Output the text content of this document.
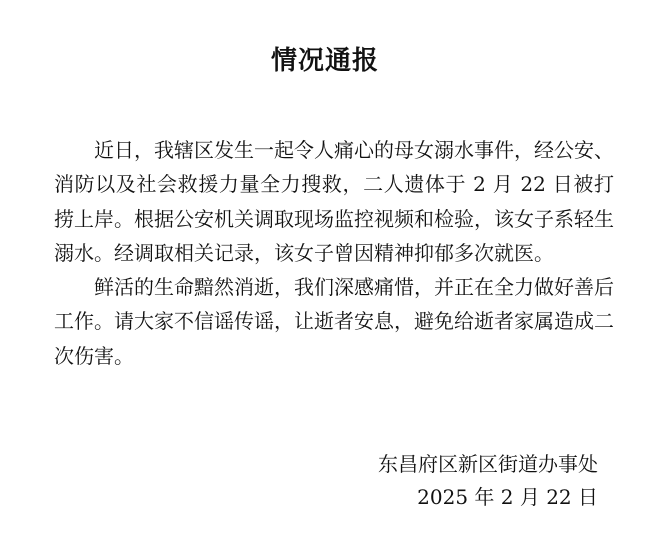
情况通报

近日，我辖区发生一起令人痛心的母女溺水事件，经公安、消防以及社会救援力量全力搜救，二人遗体于 2 月 22 日被打捞上岸。根据公安机关调取现场监控视频和检验，该女子系轻生溺水。经调取相关记录，该女子曾因精神抑郁多次就医。

鲜活的生命黯然消逝，我们深感痛惜，并正在全力做好善后工作。请大家不信谣传谣，让逝者安息，避免给逝者家属造成二次伤害。

东昌府区新区街道办事处
2025 年 2 月 22 日
